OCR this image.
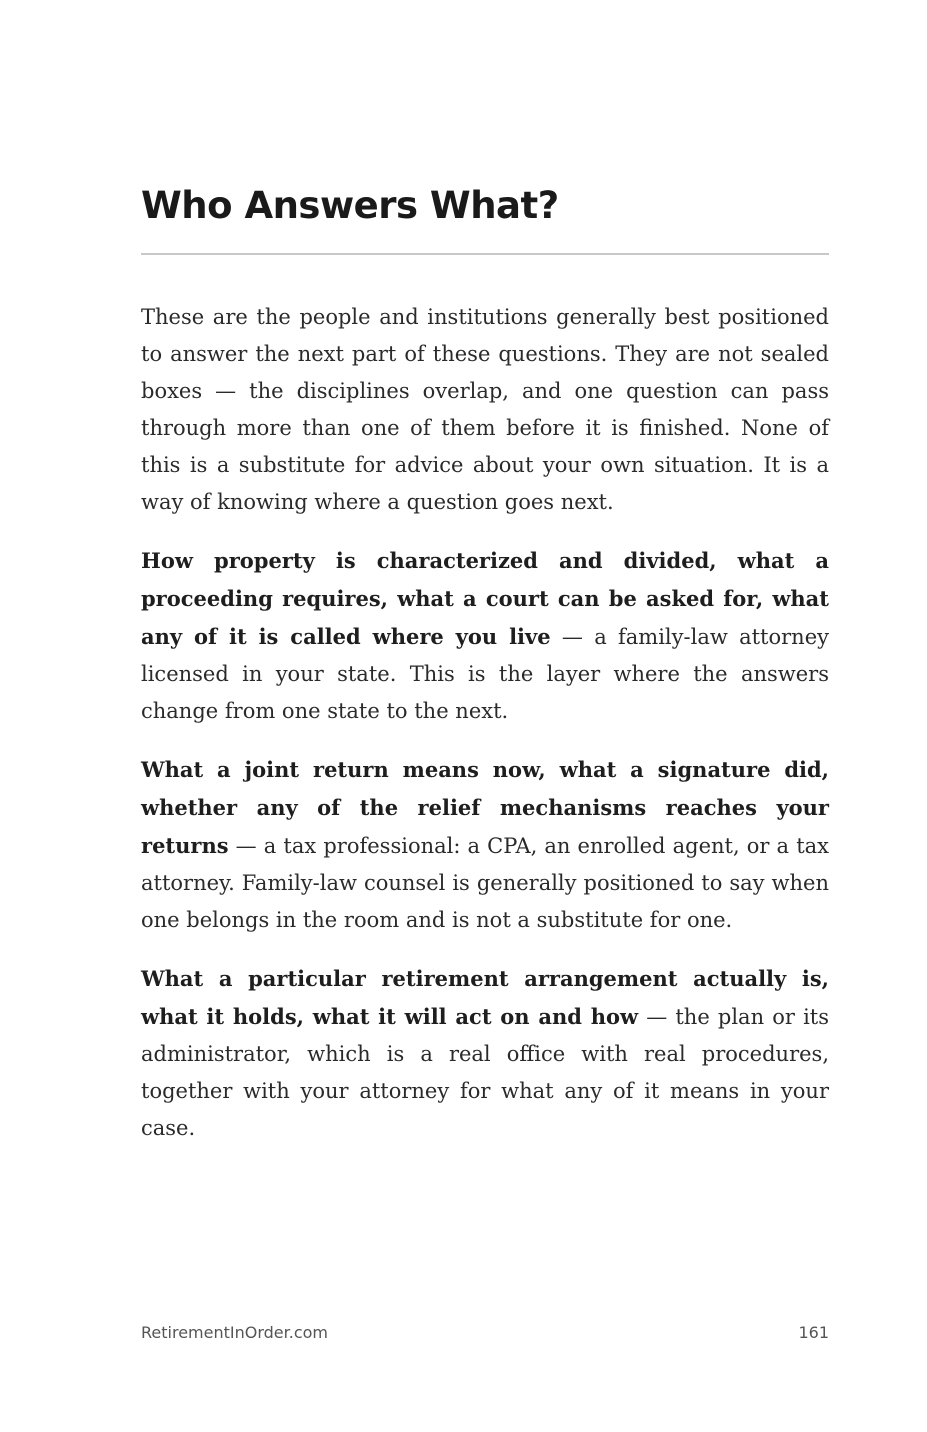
Who Answers What?

These are the people and institutions generally best positioned to answer the next part of these questions. They are not sealed boxes — the disciplines overlap, and one question can pass through more than one of them before it is finished. None of this is a substitute for advice about your own situation. It is a way of knowing where a question goes next.

How property is characterized and divided, what a proceeding requires, what a court can be asked for, what any of it is called where you live — a family-law attorney licensed in your state. This is the layer where the answers change from one state to the next.

What a joint return means now, what a signature did, whether any of the relief mechanisms reaches your returns — a tax professional: a CPA, an enrolled agent, or a tax attorney. Family-law counsel is generally positioned to say when one belongs in the room and is not a substitute for one.

What a particular retirement arrangement actually is, what it holds, what it will act on and how — the plan or its administrator, which is a real office with real procedures, together with your attorney for what any of it means in your case.

RetirementInOrder.com	161
